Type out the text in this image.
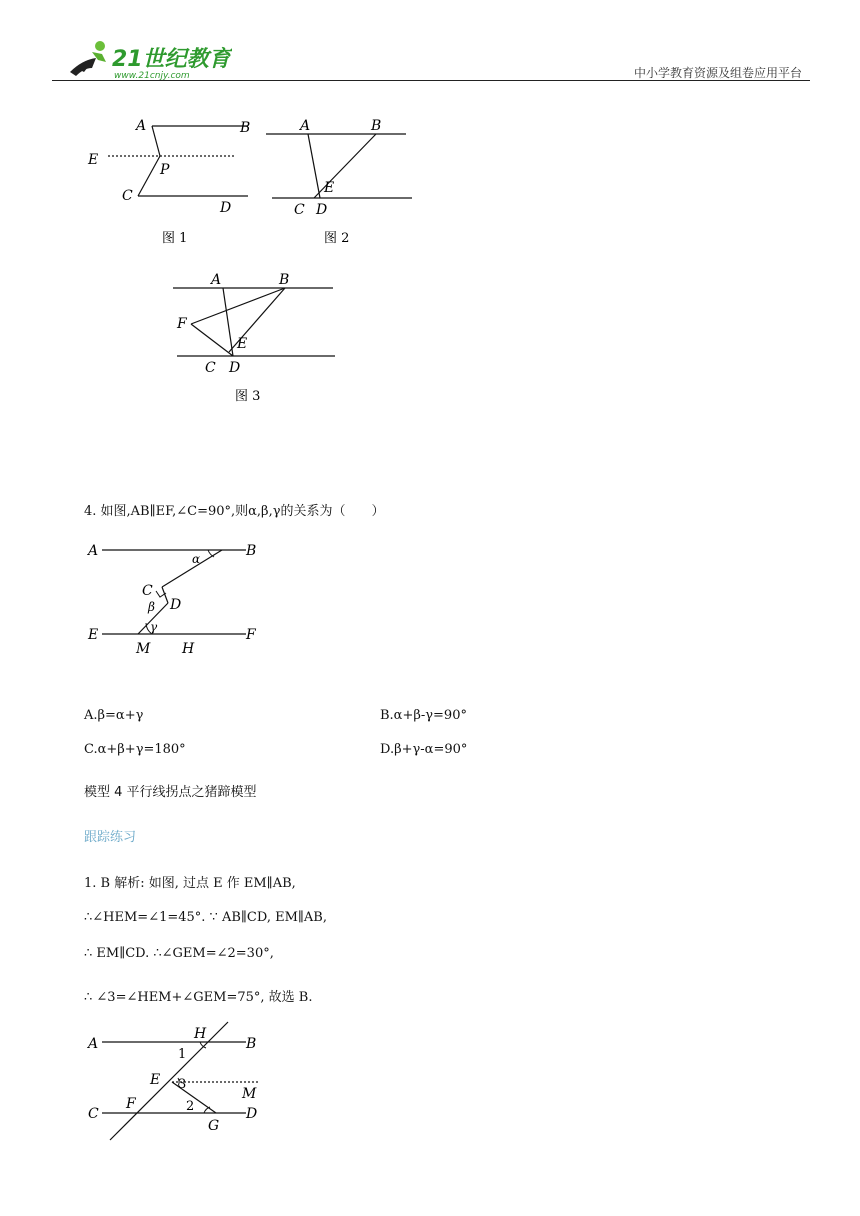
21世纪教育
www.21cnjy.com	中小学教育资源及组卷应用平台
A	B
E
P
C
D
图 1
A	B
E
C D
图 2
A	B
F
E
C D
图 3
4. 如图,AB∥EF,∠C=90°,则α,β,γ的关系为（　　）
A	B
α
C
β D
γ
E	F
M H
A.β=α+γ	B.α+β-γ=90°
C.α+β+γ=180°	D.β+γ-α=90°
模型 4 平行线拐点之猪蹄模型
跟踪练习
1. B 解析: 如图, 过点 E 作 EM∥AB,
∴∠HEM=∠1=45°. ∵ AB∥CD, EM∥AB,
∴ EM∥CD. ∴∠GEM=∠2=30°,
∴ ∠3=∠HEM+∠GEM=75°, 故选 B.
A
H
B
1
E 3
M
C
F	2	D
G
